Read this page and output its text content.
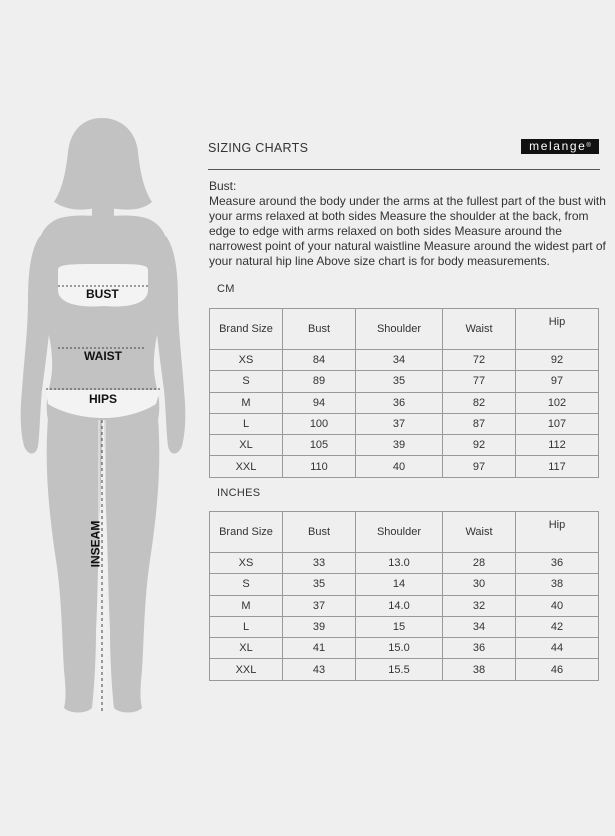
BUST
WAIST
HIPS
INSEAM
SIZING CHARTS	melange®

Bust:

Measure around the body under the arms at the fullest part of the bust with your arms relaxed at both sides Measure the shoulder at the back, from edge to edge with arms relaxed on both sides Measure around the narrowest point of your natural waistline Measure around the widest part of your natural hip line Above size chart is for body measurements.

CM
Brand Size	Bust	Shoulder	Waist	Hip
XS	84	34	72	92
S	89	35	77	97
M	94	36	82	102
L	100	37	87	107
XL	105	39	92	112
XXL	110	40	97	117
INCHES
Brand Size	Bust	Shoulder	Waist	Hip
XS	33	13.0	28	36
S	35	14	30	38
M	37	14.0	32	40
L	39	15	34	42
XL	41	15.0	36	44
XXL	43	15.5	38	46
